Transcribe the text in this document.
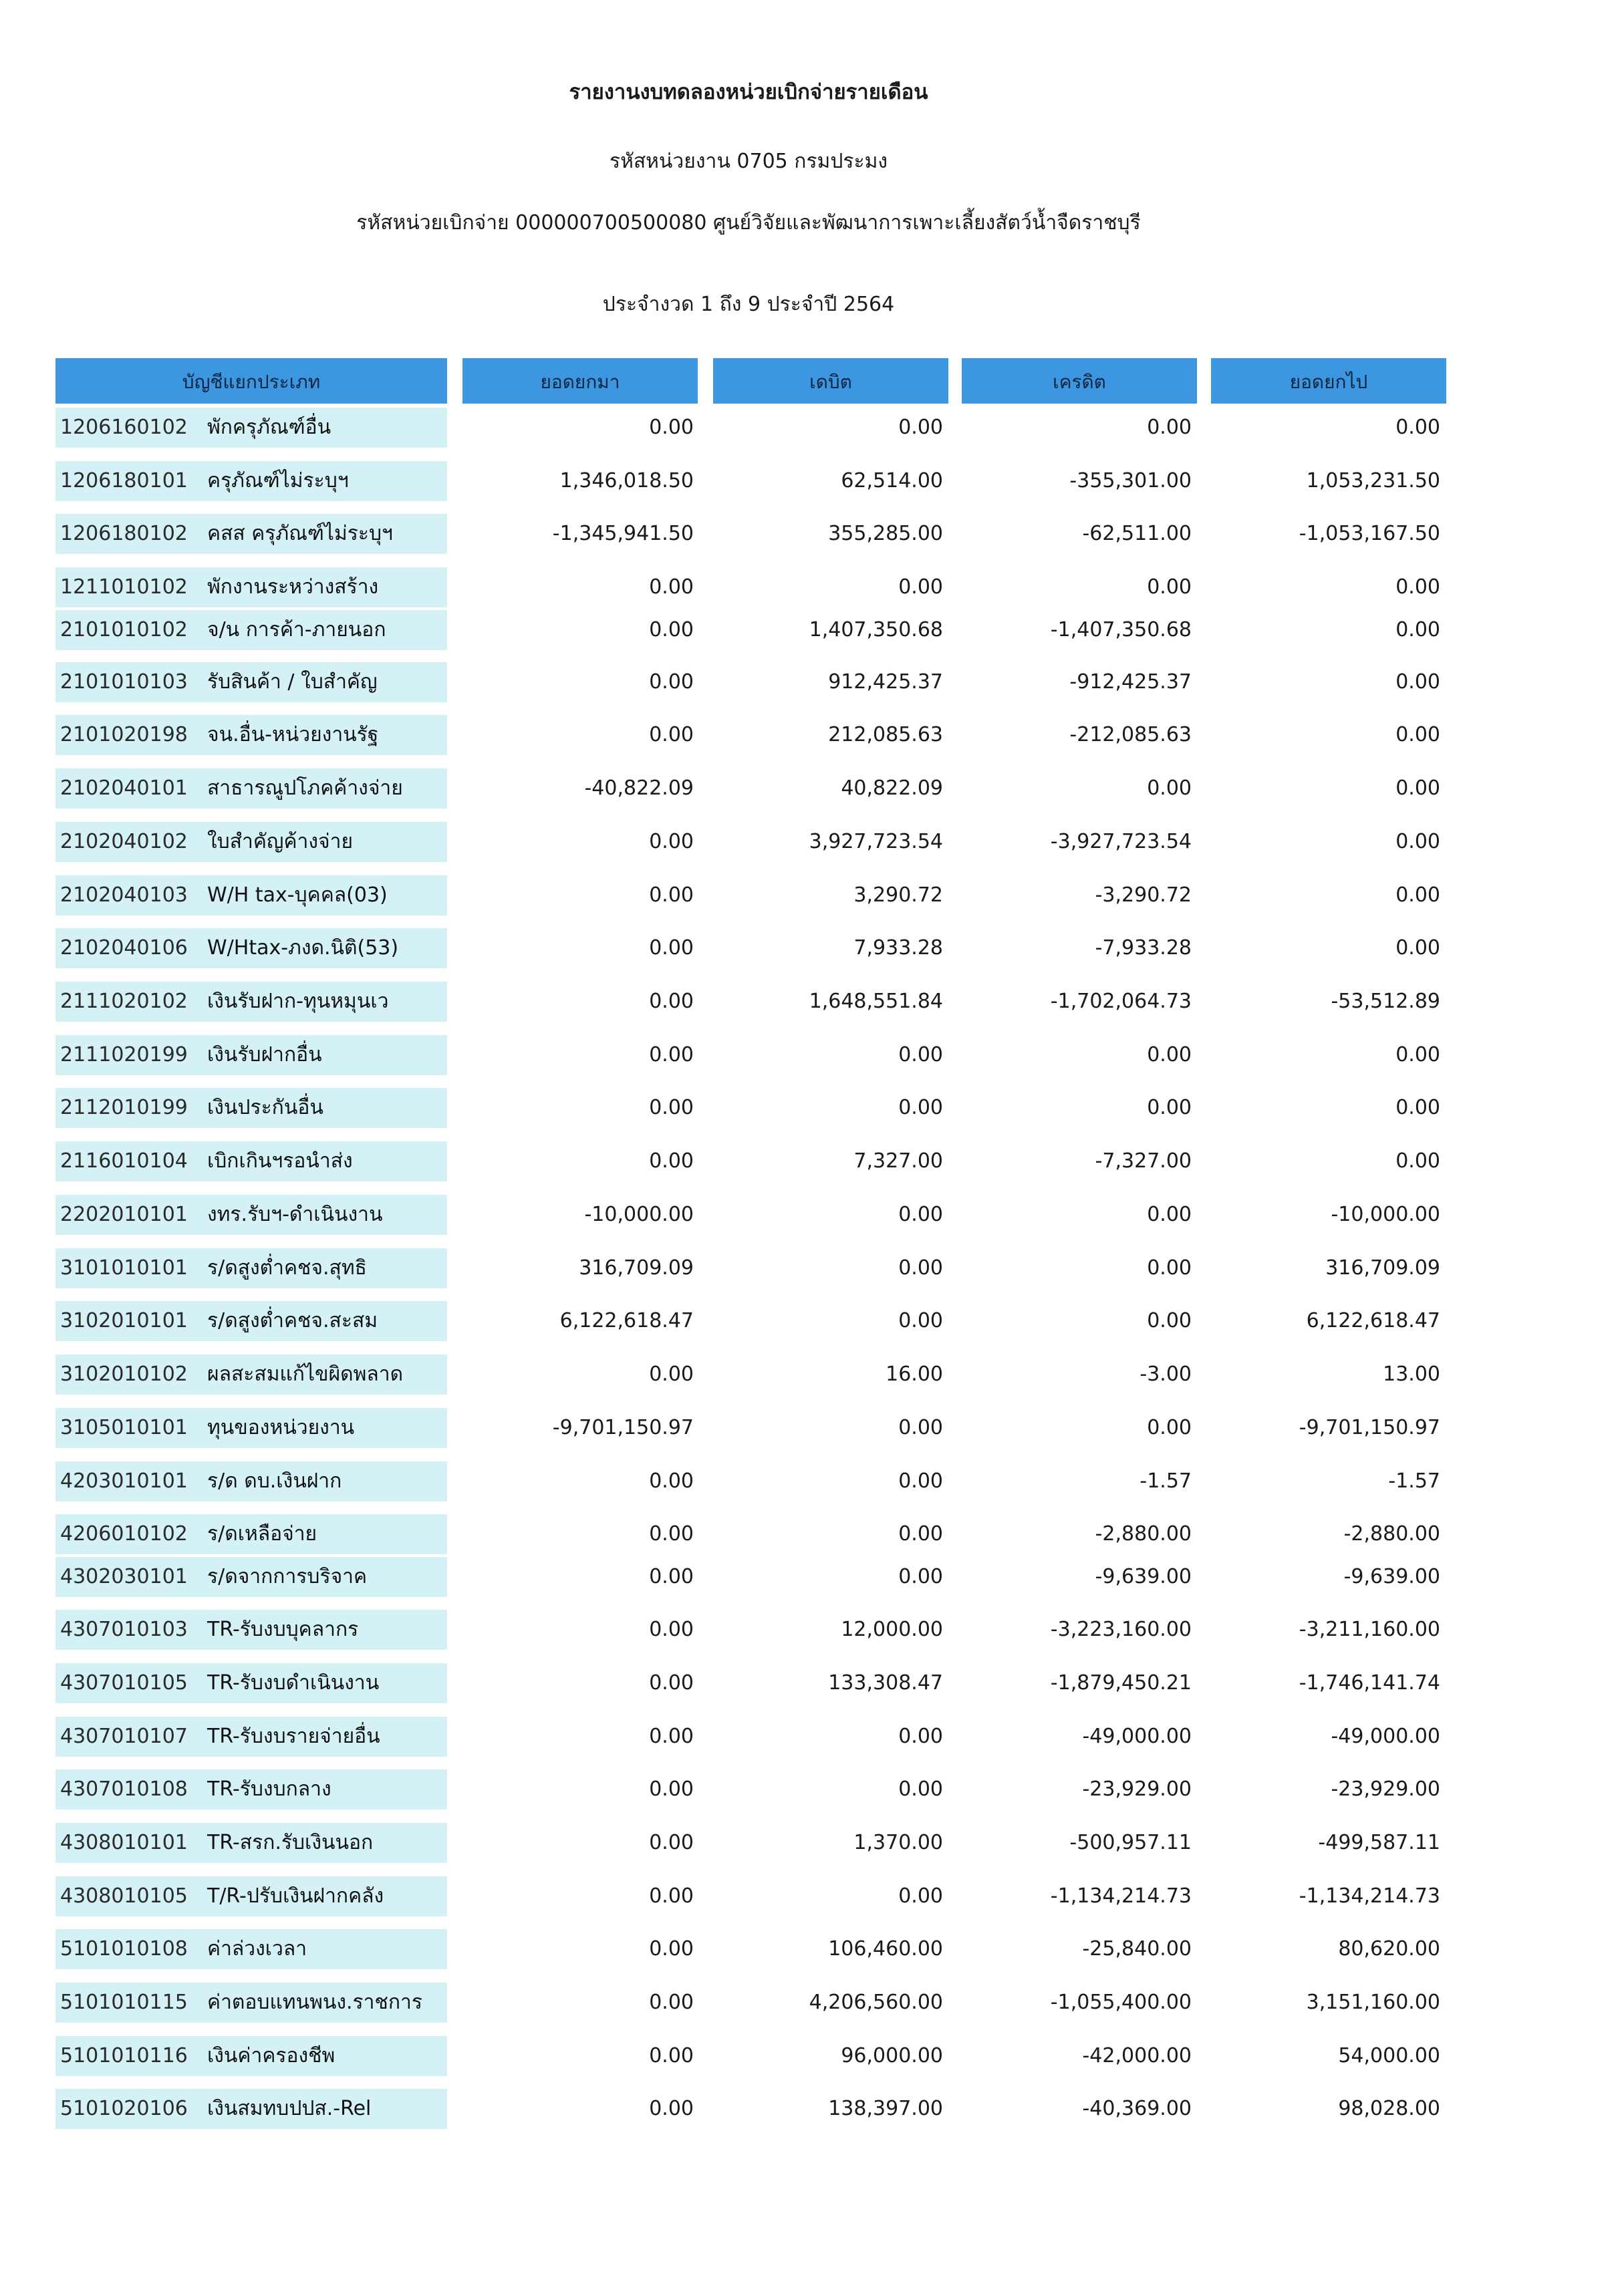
รายงานงบทดลองหน่วยเบิกจ่ายรายเดือน
รหัสหน่วยงาน 0705 กรมประมง
รหัสหน่วยเบิกจ่าย 000000700500080 ศูนย์วิจัยและพัฒนาการเพาะเลี้ยงสัตว์น้ำจืดราชบุรี
ประจำงวด 1 ถึง 9 ประจำปี 2564
บัญชีแยกประเภท	ยอดยกมา	เดบิต	เครดิต	ยอดยกไป
1206160102 พักครุภัณฑ์อื่น	0.00	0.00	0.00	0.00
1206180101 ครุภัณฑ์ไม่ระบุฯ	1,346,018.50	62,514.00	-355,301.00	1,053,231.50
1206180102 คสส ครุภัณฑ์ไม่ระบุฯ	-1,345,941.50	355,285.00	-62,511.00	-1,053,167.50
1211010102 พักงานระหว่างสร้าง	0.00	0.00	0.00	0.00
2101010102 จ/น การค้า-ภายนอก	0.00	1,407,350.68	-1,407,350.68	0.00
2101010103 รับสินค้า / ใบสำคัญ	0.00	912,425.37	-912,425.37	0.00
2101020198 จน.อื่น-หน่วยงานรัฐ	0.00	212,085.63	-212,085.63	0.00
2102040101 สาธารณูปโภคค้างจ่าย	-40,822.09	40,822.09	0.00	0.00
2102040102 ใบสำคัญค้างจ่าย	0.00	3,927,723.54	-3,927,723.54	0.00
2102040103 W/H tax-บุคคล(03)	0.00	3,290.72	-3,290.72	0.00
2102040106 W/Htax-ภงด.นิติ(53)	0.00	7,933.28	-7,933.28	0.00
2111020102 เงินรับฝาก-ทุนหมุนเว	0.00	1,648,551.84	-1,702,064.73	-53,512.89
2111020199 เงินรับฝากอื่น	0.00	0.00	0.00	0.00
2112010199 เงินประกันอื่น	0.00	0.00	0.00	0.00
2116010104 เบิกเกินฯรอนำส่ง	0.00	7,327.00	-7,327.00	0.00
2202010101 งทร.รับฯ-ดำเนินงาน	-10,000.00	0.00	0.00	-10,000.00
3101010101 ร/ดสูงต่ำคชจ.สุทธิ	316,709.09	0.00	0.00	316,709.09
3102010101 ร/ดสูงต่ำคชจ.สะสม	6,122,618.47	0.00	0.00	6,122,618.47
3102010102 ผลสะสมแก้ไขผิดพลาด	0.00	16.00	-3.00	13.00
3105010101 ทุนของหน่วยงาน	-9,701,150.97	0.00	0.00	-9,701,150.97
4203010101 ร/ด ดบ.เงินฝาก	0.00	0.00	-1.57	-1.57
4206010102 ร/ดเหลือจ่าย	0.00	0.00	-2,880.00	-2,880.00
4302030101 ร/ดจากการบริจาค	0.00	0.00	-9,639.00	-9,639.00
4307010103 TR-รับงบบุคลากร	0.00	12,000.00	-3,223,160.00	-3,211,160.00
4307010105 TR-รับงบดำเนินงาน	0.00	133,308.47	-1,879,450.21	-1,746,141.74
4307010107 TR-รับงบรายจ่ายอื่น	0.00	0.00	-49,000.00	-49,000.00
4307010108 TR-รับงบกลาง	0.00	0.00	-23,929.00	-23,929.00
4308010101 TR-สรก.รับเงินนอก	0.00	1,370.00	-500,957.11	-499,587.11
4308010105 T/R-ปรับเงินฝากคลัง	0.00	0.00	-1,134,214.73	-1,134,214.73
5101010108 ค่าล่วงเวลา	0.00	106,460.00	-25,840.00	80,620.00
5101010115 ค่าตอบแทนพนง.ราชการ	0.00	4,206,560.00	-1,055,400.00	3,151,160.00
5101010116 เงินค่าครองชีพ	0.00	96,000.00	-42,000.00	54,000.00
5101020106 เงินสมทบปปส.-Rel	0.00	138,397.00	-40,369.00	98,028.00
